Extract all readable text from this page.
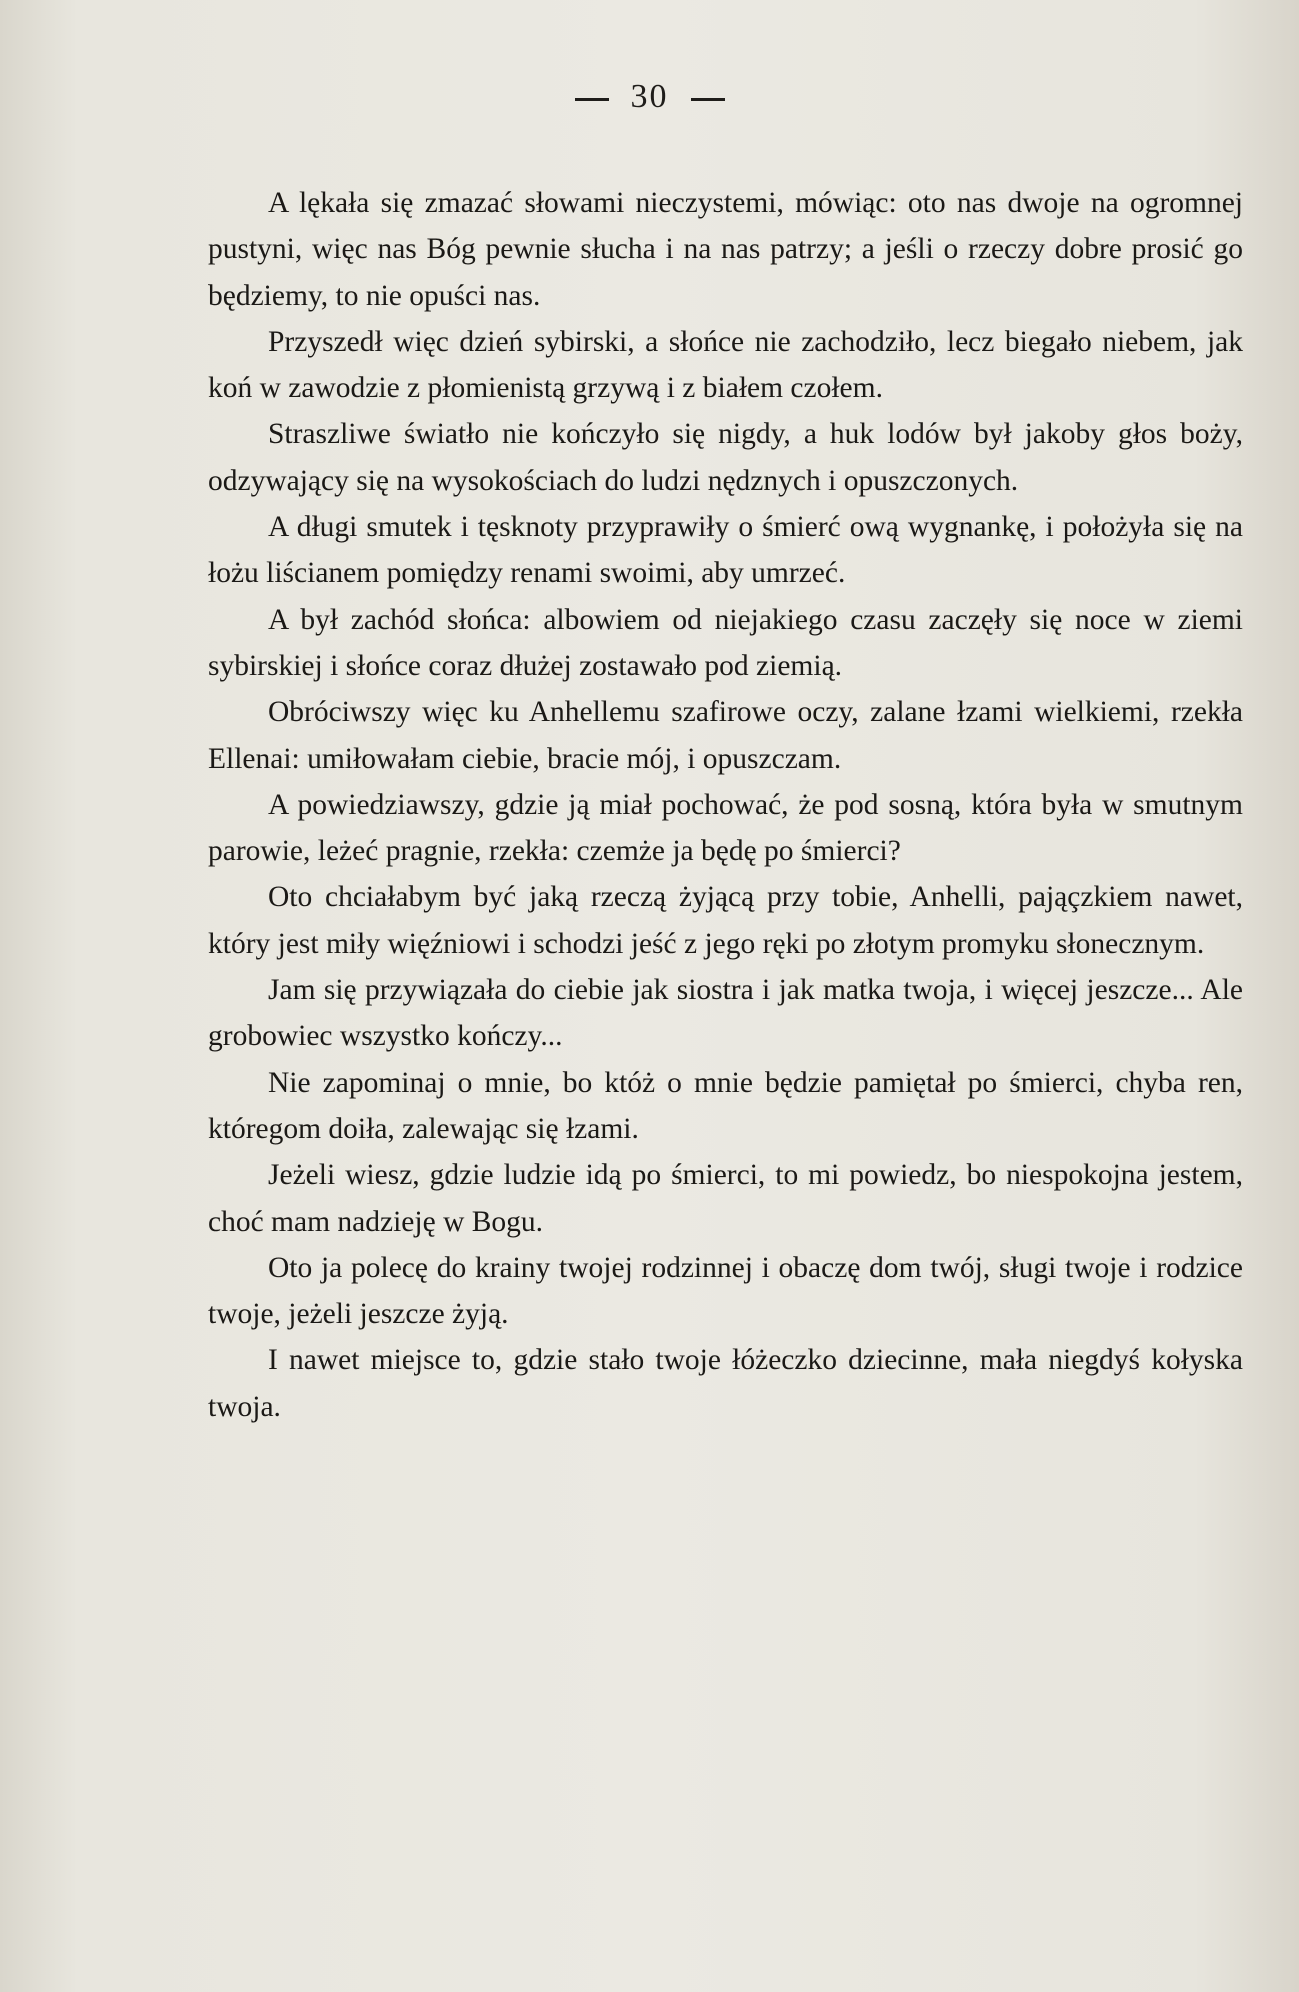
30

A lękała się zmazać słowami nieczystemi, mówiąc: oto nas dwoje na ogromnej pustyni, więc nas Bóg pewnie słucha i na nas patrzy; a jeśli o rzeczy dobre prosić go będziemy, to nie opuści nas.

Przyszedł więc dzień sybirski, a słońce nie zachodziło, lecz biegało niebem, jak koń w zawodzie z płomienistą grzywą i z białem czołem.

Straszliwe światło nie kończyło się nigdy, a huk lodów był jakoby głos boży, odzywający się na wysokościach do ludzi nędznych i opuszczonych.

A długi smutek i tęsknoty przyprawiły o śmierć ową wygnankę, i położyła się na łożu liścianem pomiędzy renami swoimi, aby umrzeć.

A był zachód słońca: albowiem od niejakiego czasu zaczęły się noce w ziemi sybirskiej i słońce coraz dłużej zostawało pod ziemią.

Obróciwszy więc ku Anhellemu szafirowe oczy, zalane łzami wielkiemi, rzekła Ellenai: umiłowałam ciebie, bracie mój, i opuszczam.

A powiedziawszy, gdzie ją miał pochować, że pod sosną, która była w smutnym parowie, leżeć pragnie, rzekła: czemże ja będę po śmierci?

Oto chciałabym być jaką rzeczą żyjącą przy tobie, Anhelli, pająçzkiem nawet, który jest miły więźniowi i schodzi jeść z jego ręki po złotym promyku słonecznym.

Jam się przywiązała do ciebie jak siostra i jak matka twoja, i więcej jeszcze... Ale grobowiec wszystko kończy...

Nie zapominaj o mnie, bo któż o mnie będzie pamiętał po śmierci, chyba ren, któregom doiła, zalewając się łzami.

Jeżeli wiesz, gdzie ludzie idą po śmierci, to mi powiedz, bo niespokojna jestem, choć mam nadzieję w Bogu.

Oto ja polecę do krainy twojej rodzinnej i obaczę dom twój, sługi twoje i rodzice twoje, jeżeli jeszcze żyją.

I nawet miejsce to, gdzie stało twoje łóżeczko dziecinne, mała niegdyś kołyska twoja.
